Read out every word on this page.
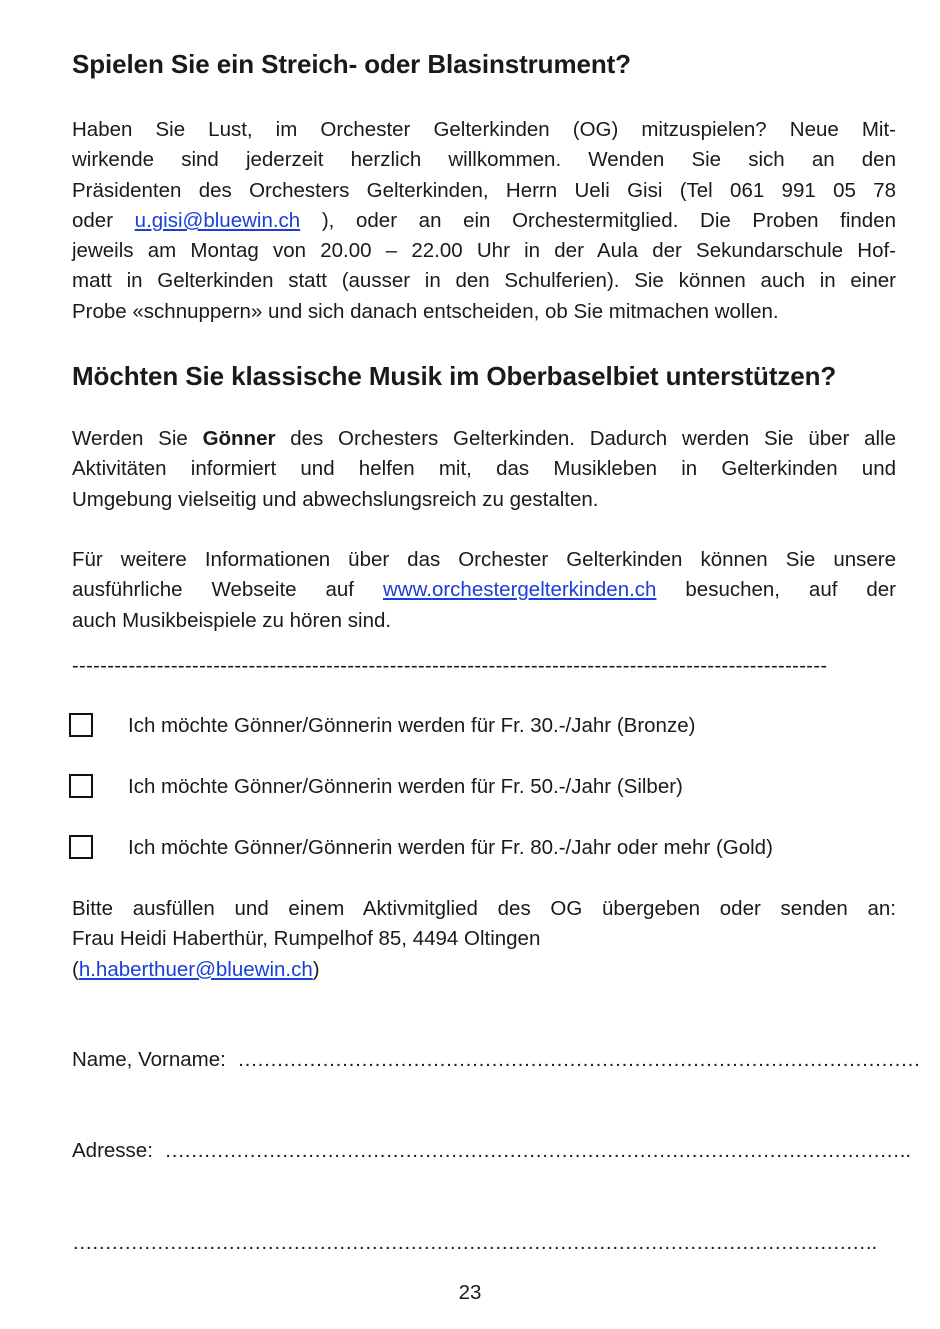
Spielen Sie ein Streich- oder Blasinstrument?
Haben Sie Lust, im Orchester Gelterkinden (OG) mitzuspielen? Neue Mit-
wirkende sind jederzeit herzlich willkommen. Wenden Sie sich an den
Präsidenten des Orchesters Gelterkinden, Herrn Ueli Gisi (Tel 061 991 05 78
oder u.gisi@bluewin.ch ), oder an ein Orchestermitglied. Die Proben finden
jeweils am Montag von 20.00 – 22.00 Uhr in der Aula der Sekundarschule Hof-
matt in Gelterkinden statt (ausser in den Schulferien). Sie können auch in einer
Probe «schnuppern» und sich danach entscheiden, ob Sie mitmachen wollen.
Möchten Sie klassische Musik im Oberbaselbiet unterstützen?
Werden Sie Gönner des Orchesters Gelterkinden. Dadurch werden Sie über alle
Aktivitäten informiert und helfen mit, das Musikleben in Gelterkinden und
Umgebung vielseitig und abwechslungsreich zu gestalten.
Für weitere Informationen über das Orchester Gelterkinden können Sie unsere
ausführliche Webseite auf www.orchestergelterkinden.ch besuchen, auf der
auch Musikbeispiele zu hören sind.
-----------------------------------------------------------------------------------------------------------
Ich möchte Gönner/Gönnerin werden für Fr. 30.-/Jahr (Bronze)
Ich möchte Gönner/Gönnerin werden für Fr. 50.-/Jahr (Silber)
Ich möchte Gönner/Gönnerin werden für Fr. 80.-/Jahr oder mehr (Gold)
Bitte ausfüllen und einem Aktivmitglied des OG übergeben oder senden an:
Frau Heidi Haberthür, Rumpelhof 85, 4494 Oltingen
(h.haberthuer@bluewin.ch)
Name, Vorname: ……………………………………………………………………………………………
Adresse: …………………………………………………………………………………………………….
…………………………………………………………………………………………………………….
23
